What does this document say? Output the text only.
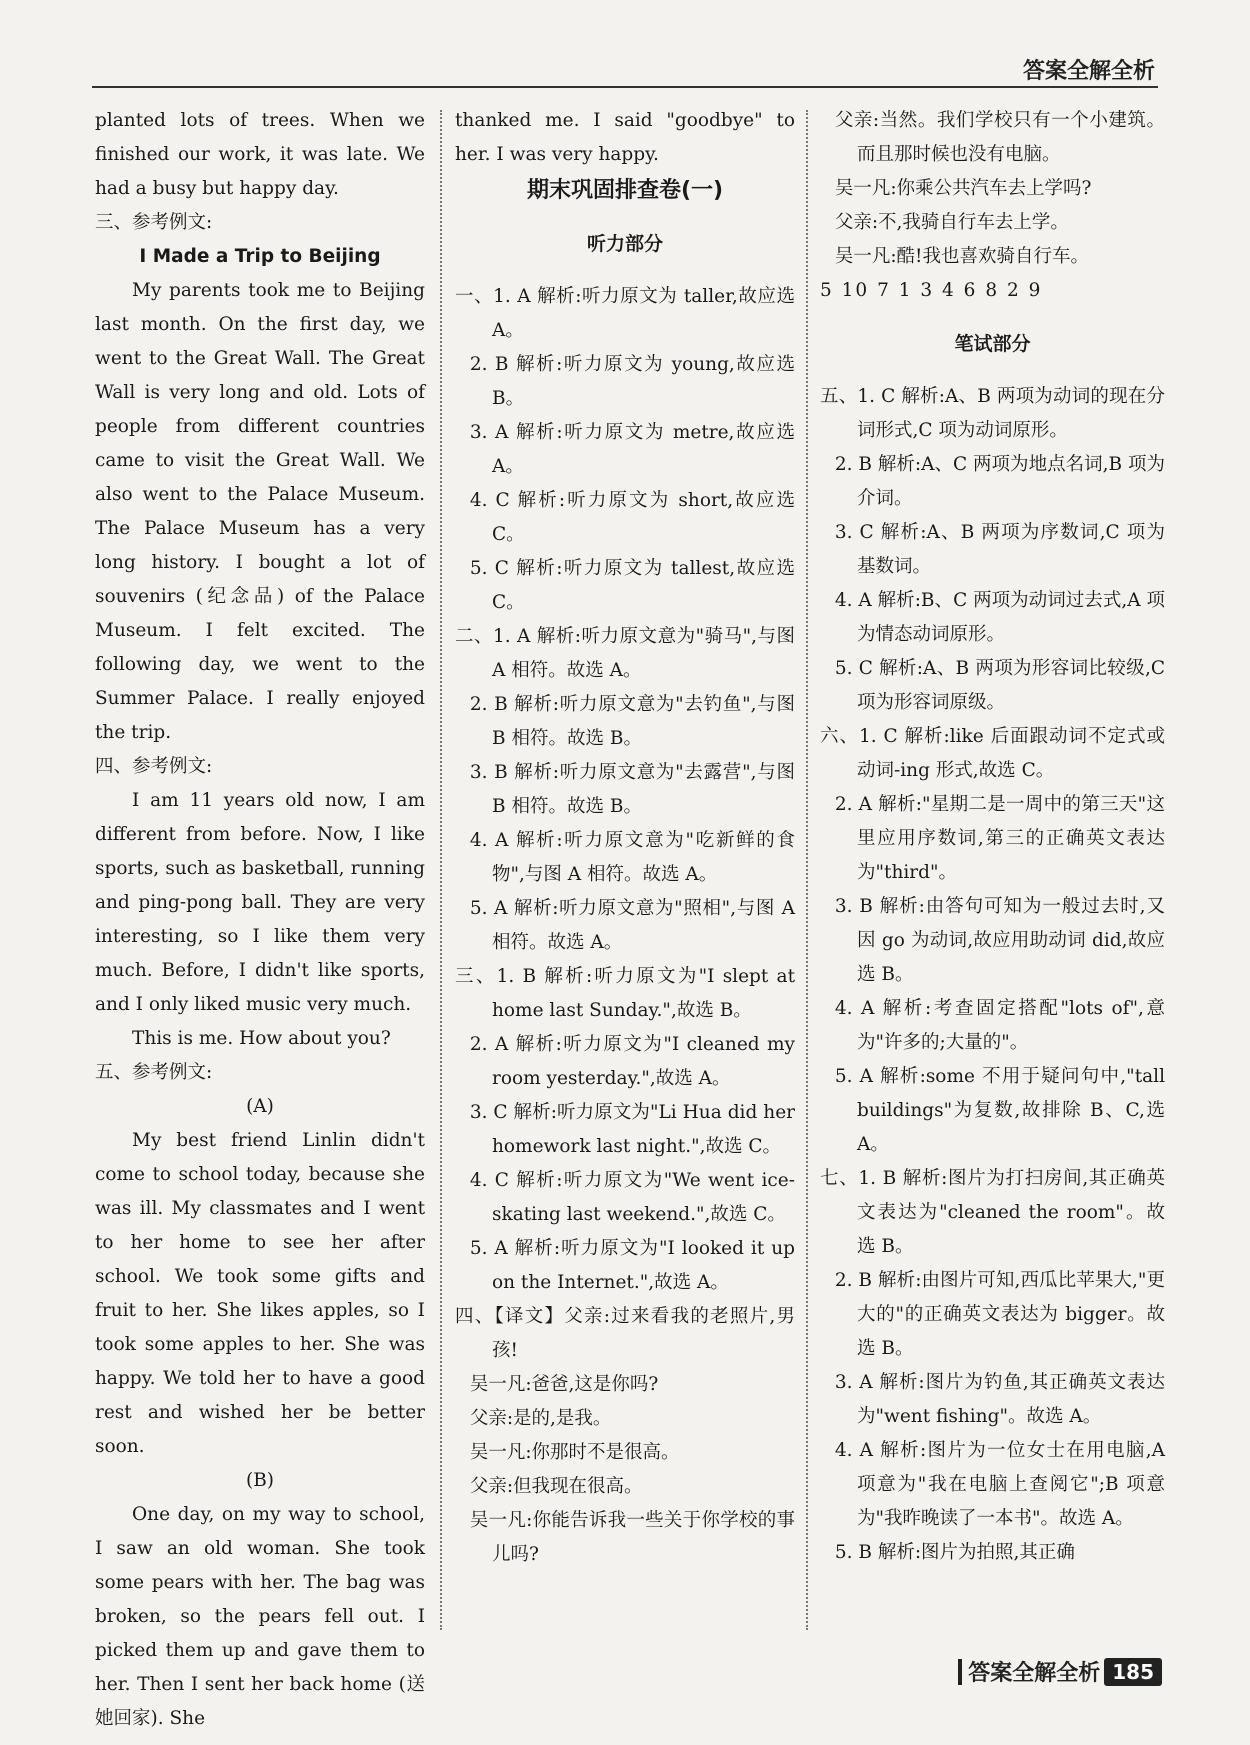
答案全解全析

planted lots of trees. When we finished our work, it was late. We had a busy but happy day.

三、参考例文:

I Made a Trip to Beijing

My parents took me to Beijing last month. On the first day, we went to the Great Wall. The Great Wall is very long and old. Lots of people from different countries came to visit the Great Wall. We also went to the Palace Museum. The Palace Museum has a very long history. I bought a lot of souvenirs (纪念品) of the Palace Museum. I felt excited. The following day, we went to the Summer Palace. I really enjoyed the trip.

四、参考例文:

I am 11 years old now, I am different from before. Now, I like sports, such as basketball, running and ping-pong ball. They are very interesting, so I like them very much. Before, I didn't like sports, and I only liked music very much.

This is me. How about you?

五、参考例文:

(A)

My best friend Linlin didn't come to school today, because she was ill. My classmates and I went to her home to see her after school. We took some gifts and fruit to her. She likes apples, so I took some apples to her. She was happy. We told her to have a good rest and wished her be better soon.

(B)

One day, on my way to school, I saw an old woman. She took some pears with her. The bag was broken, so the pears fell out. I picked them up and gave them to her. Then I sent her back home (送她回家). She

thanked me. I said "goodbye" to her. I was very happy.

期末巩固排查卷(一)

听力部分

一、1. A 解析:听力原文为 taller,故应选 A。

2. B 解析:听力原文为 young,故应选 B。

3. A 解析:听力原文为 metre,故应选 A。

4. C 解析:听力原文为 short,故应选 C。

5. C 解析:听力原文为 tallest,故应选 C。

二、1. A 解析:听力原文意为"骑马",与图 A 相符。故选 A。

2. B 解析:听力原文意为"去钓鱼",与图 B 相符。故选 B。

3. B 解析:听力原文意为"去露营",与图 B 相符。故选 B。

4. A 解析:听力原文意为"吃新鲜的食物",与图 A 相符。故选 A。

5. A 解析:听力原文意为"照相",与图 A 相符。故选 A。

三、1. B 解析:听力原文为"I slept at home last Sunday.",故选 B。

2. A 解析:听力原文为"I cleaned my room yesterday.",故选 A。

3. C 解析:听力原文为"Li Hua did her homework last night.",故选 C。

4. C 解析:听力原文为"We went ice-skating last weekend.",故选 C。

5. A 解析:听力原文为"I looked it up on the Internet.",故选 A。

四、【译文】父亲:过来看我的老照片,男孩!

吴一凡:爸爸,这是你吗?

父亲:是的,是我。

吴一凡:你那时不是很高。

父亲:但我现在很高。

吴一凡:你能告诉我一些关于你学校的事儿吗?

父亲:当然。我们学校只有一个小建筑。而且那时候也没有电脑。

吴一凡:你乘公共汽车去上学吗?

父亲:不,我骑自行车去上学。

吴一凡:酷!我也喜欢骑自行车。

5 10 7 1 3 4 6 8 2 9

笔试部分

五、1. C 解析:A、B 两项为动词的现在分词形式,C 项为动词原形。

2. B 解析:A、C 两项为地点名词,B 项为介词。

3. C 解析:A、B 两项为序数词,C 项为基数词。

4. A 解析:B、C 两项为动词过去式,A 项为情态动词原形。

5. C 解析:A、B 两项为形容词比较级,C 项为形容词原级。

六、1. C 解析:like 后面跟动词不定式或动词-ing 形式,故选 C。

2. A 解析:"星期二是一周中的第三天"这里应用序数词,第三的正确英文表达为"third"。

3. B 解析:由答句可知为一般过去时,又因 go 为动词,故应用助动词 did,故应选 B。

4. A 解析:考查固定搭配"lots of",意为"许多的;大量的"。

5. A 解析:some 不用于疑问句中,"tall buildings"为复数,故排除 B、C,选 A。

七、1. B 解析:图片为打扫房间,其正确英文表达为"cleaned the room"。故选 B。

2. B 解析:由图片可知,西瓜比苹果大,"更大的"的正确英文表达为 bigger。故选 B。

3. A 解析:图片为钓鱼,其正确英文表达为"went fishing"。故选 A。

4. A 解析:图片为一位女士在用电脑,A 项意为"我在电脑上查阅它";B 项意为"我昨晚读了一本书"。故选 A。

5. B 解析:图片为拍照,其正确

答案全解全析 185
